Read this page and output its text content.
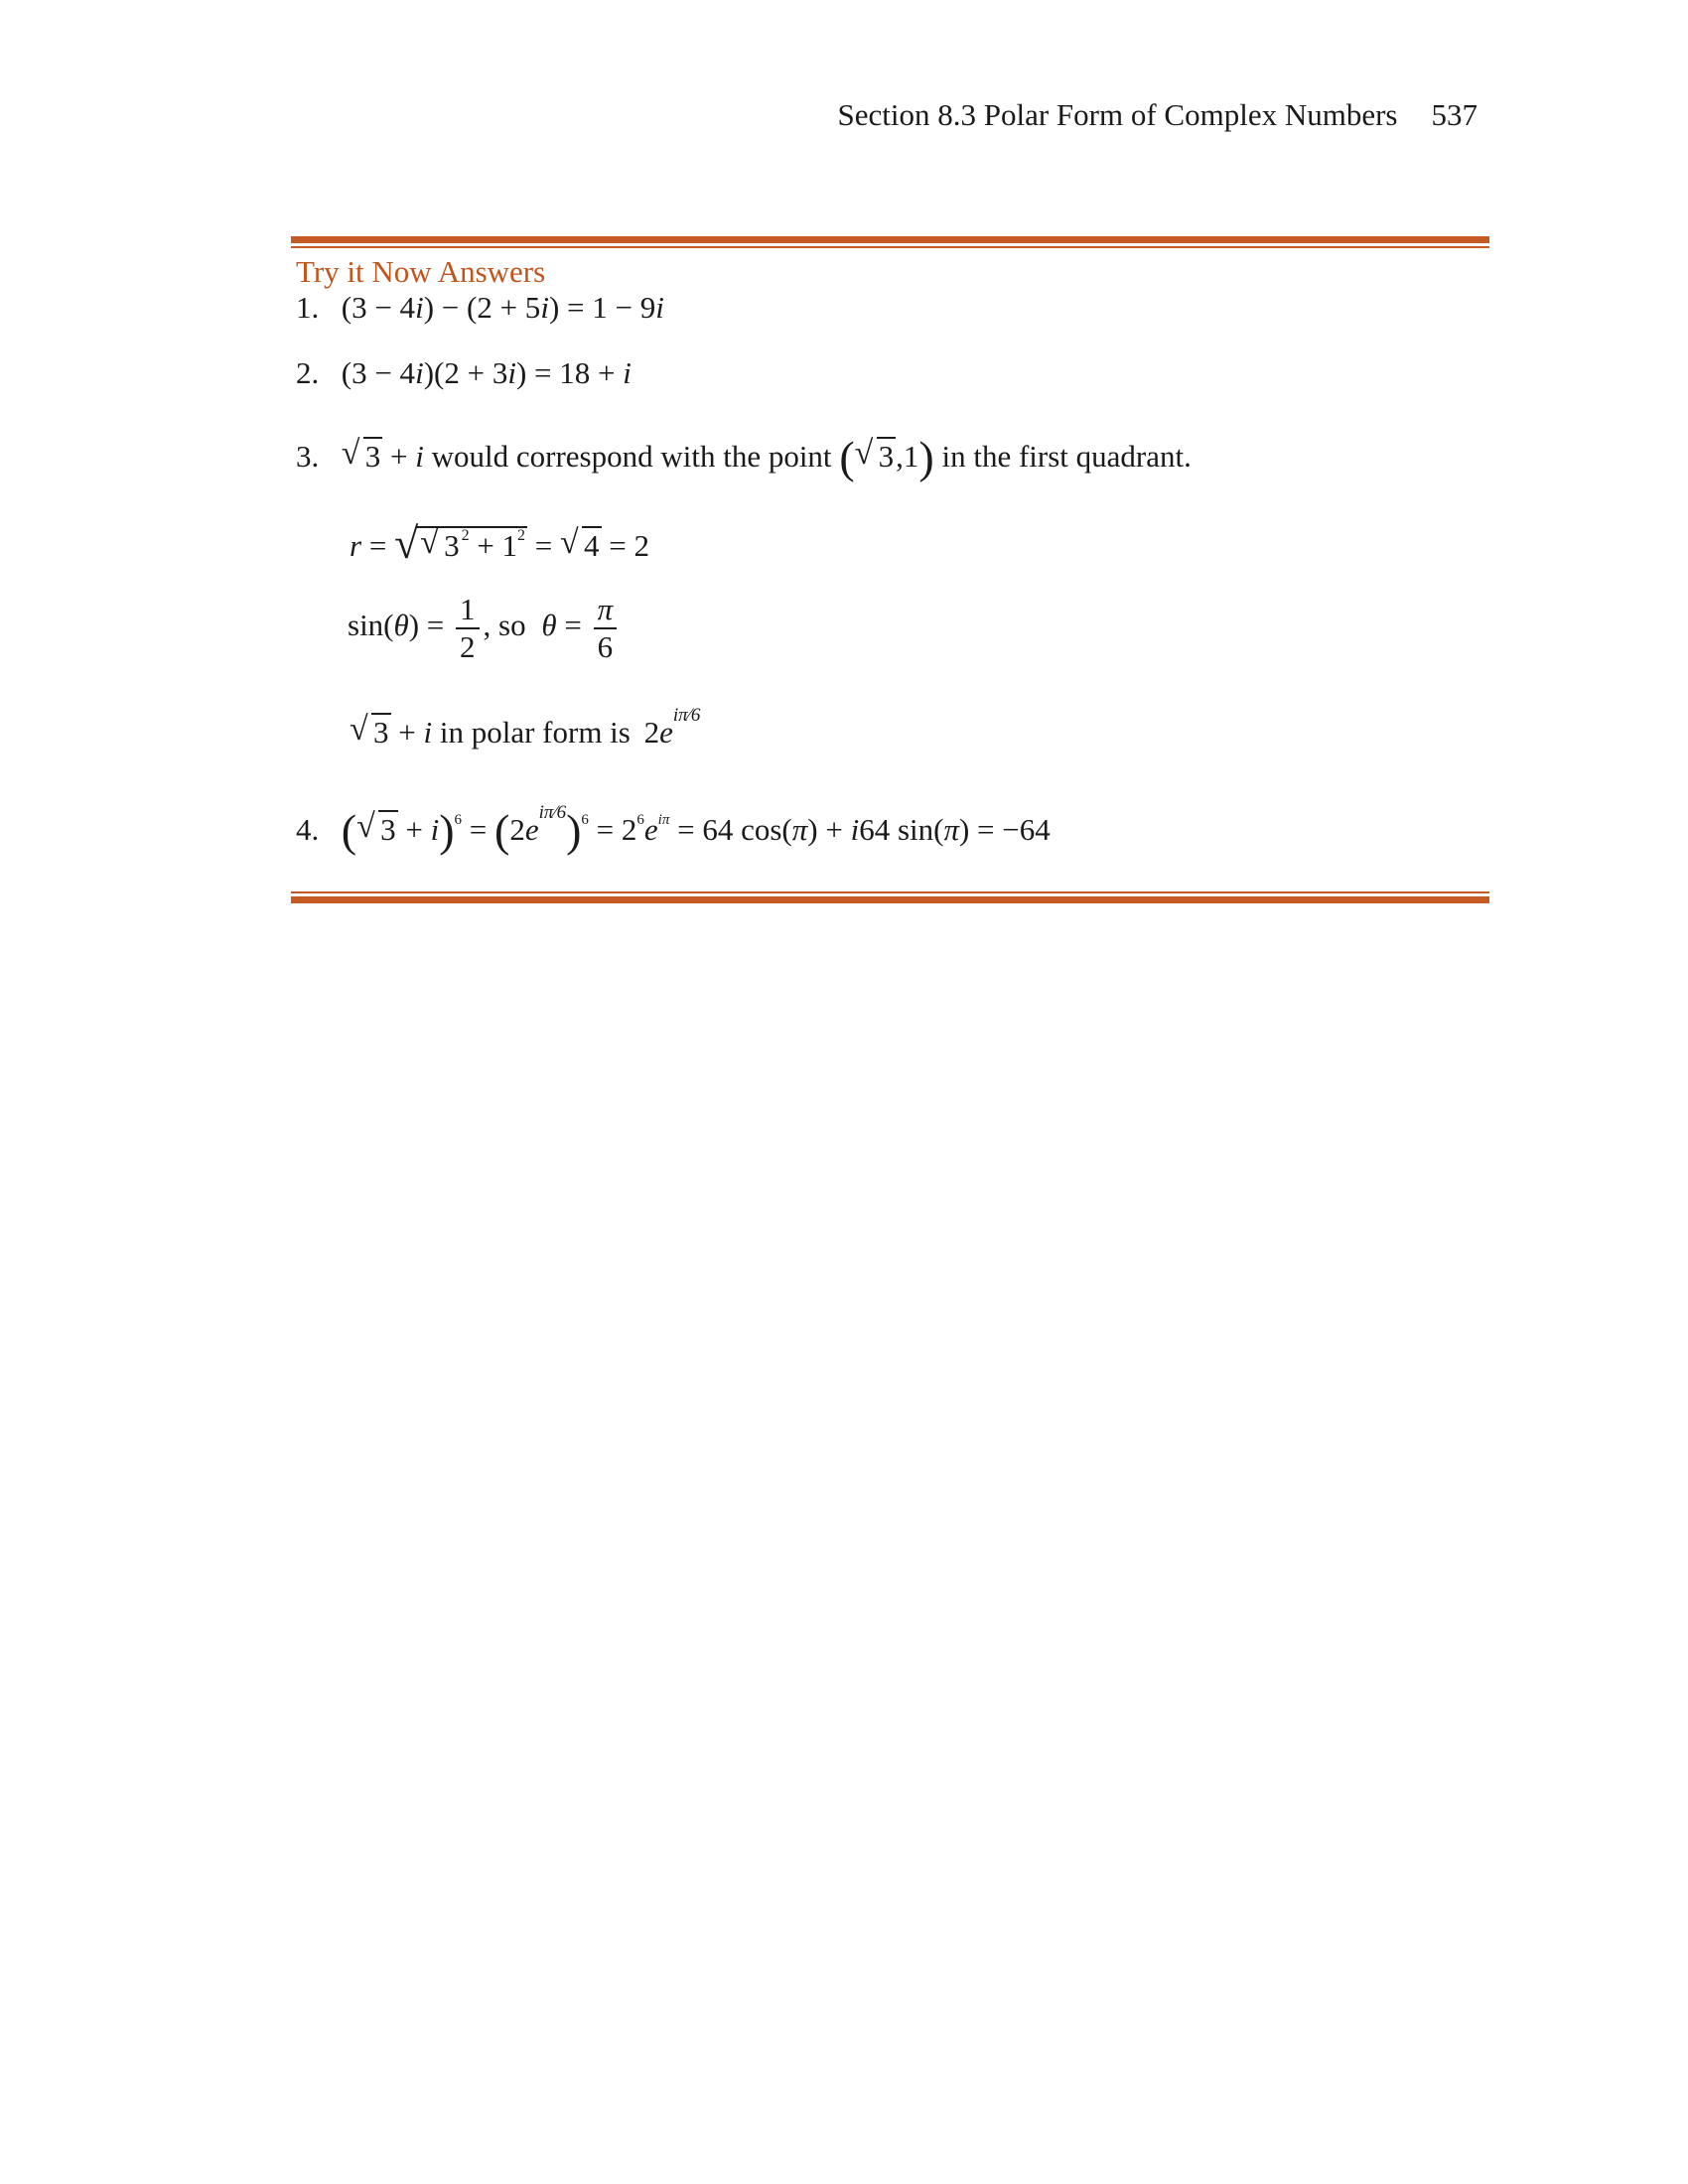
Section 8.3 Polar Form of Complex Numbers 537
Try it Now Answers
1. (3 − 4i) − (2 + 5i) = 1 − 9i
2. (3 − 4i)(2 + 3i) = 18 + i
3. √ 3 + i would correspond with the point ( √ 3,1) in the first quadrant.
r = √ √ 3 $^2 + 1^2$ = √ 4 = 2
$\sin(\theta) = \frac{1}{2}$ , so $\theta = \frac{\pi}{6}$
√ 3 + i in polar form is 2eiπ⁄6
4. ( √ 3 + i)$^6$ = (2eiπ⁄6)$^6$ = $2^6e^{i\pi} = 64$ cos(π) + i64 sin(π) = −64
